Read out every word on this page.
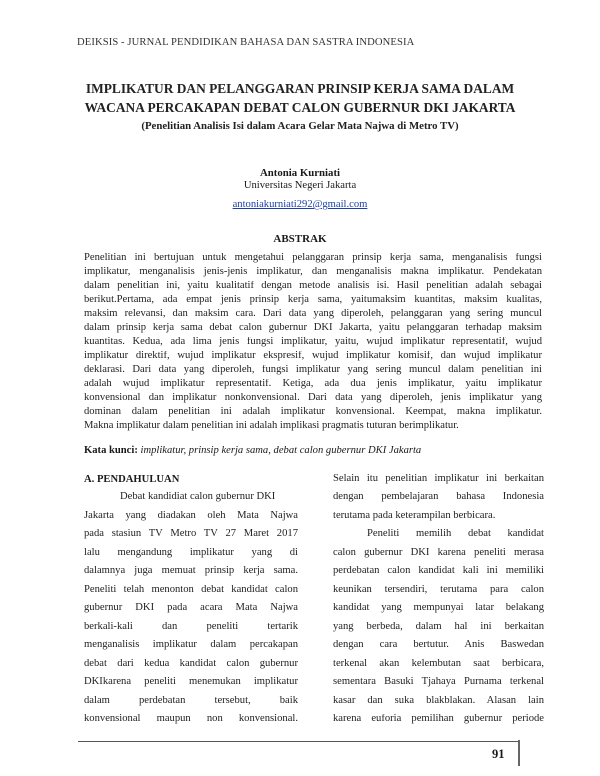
DEIKSIS - JURNAL PENDIDIKAN BAHASA DAN SASTRA INDONESIA
IMPLIKATUR DAN PELANGGARAN PRINSIP KERJA SAMA DALAM
WACANA PERCAKAPAN DEBAT CALON GUBERNUR DKI JAKARTA
(Penelitian Analisis Isi dalam Acara Gelar Mata Najwa di Metro TV)
Antonia Kurniati
Universitas Negeri Jakarta
antoniakurniati292@gmail.com
ABSTRAK
Penelitian ini bertujuan untuk mengetahui pelanggaran prinsip kerja sama, menganalisis fungsi
implikatur, menganalisis jenis-jenis implikatur, dan menganalisis makna implikatur. Pendekatan
dalam penelitian ini, yaitu kualitatif dengan metode analisis isi. Hasil penelitian adalah sebagai
berikut.Pertama, ada empat jenis prinsip kerja sama, yaitumaksim kuantitas, maksim kualitas,
maksim relevansi, dan maksim cara. Dari data yang diperoleh, pelanggaran yang sering muncul
dalam prinsip kerja sama debat calon gubernur DKI Jakarta, yaitu pelanggaran terhadap maksim
kuantitas. Kedua, ada lima jenis fungsi implikatur, yaitu, wujud implikatur representatif, wujud
implikatur direktif, wujud implikatur ekspresif, wujud implikatur komisif, dan wujud implikatur
deklarasi. Dari data yang diperoleh, fungsi implikatur yang sering muncul dalam penelitian ini
adalah wujud implikatur representatif. Ketiga, ada dua jenis implikatur, yaitu implikatur
konvensional dan implikatur nonkonvensional. Dari data yang diperoleh, jenis implikatur yang
dominan dalam penelitian ini adalah implikatur konvensional. Keempat, makna implikatur.
Makna implikatur dalam penelitian ini adalah implikasi pragmatis tuturan berimplikatur.
Kata kunci: implikatur, prinsip kerja sama, debat calon gubernur DKI Jakarta
A. PENDAHULUAN
Debat kandidiat calon gubernur DKI
Jakarta yang diadakan oleh Mata Najwa
pada stasiun TV Metro TV 27 Maret 2017
lalu mengandung implikatur yang di
dalamnya juga memuat prinsip kerja sama.
Peneliti telah menonton debat kandidat calon
gubernur DKI pada acara Mata Najwa
berkali-kali dan peneliti tertarik
menganalisis implikatur dalam percakapan
debat dari kedua kandidat calon gubernur
DKIkarena peneliti menemukan implikatur
dalam perdebatan tersebut, baik
konvensional maupun non konvensional.
Selain itu penelitian implikatur ini berkaitan
dengan pembelajaran bahasa Indonesia
terutama pada keterampilan berbicara.
Peneliti memilih debat kandidat
calon gubernur DKI karena peneliti merasa
perdebatan calon kandidat kali ini memiliki
keunikan tersendiri, terutama para calon
kandidat yang mempunyai latar belakang
yang berbeda, dalam hal ini berkaitan
dengan cara bertutur. Anis Baswedan
terkenal akan kelembutan saat berbicara,
sementara Basuki Tjahaya Purnama terkenal
kasar dan suka blakblakan. Alasan lain
karena euforia pemilihan gubernur periode
91
